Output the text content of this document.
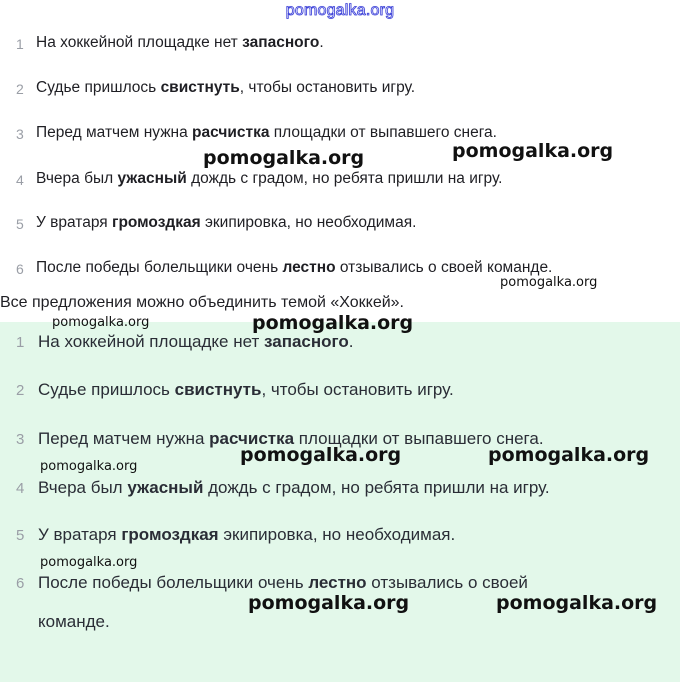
pomogalka.org
1 На хоккейной площадке нет запасного.
2 Судье пришлось свистнуть, чтобы остановить игру.
3 Перед матчем нужна расчистка площадки от выпавшего снега.
4 Вчера был ужасный дождь с градом, но ребята пришли на игру.
5 У вратаря громоздкая экипировка, но необходимая.
6 После победы болельщики очень лестно отзывались о своей команде.
Все предложения можно объединить темой «Хоккей».
1 На хоккейной площадке нет запасного.
2 Судье пришлось свистнуть, чтобы остановить игру.
3 Перед матчем нужна расчистка площадки от выпавшего снега.
4 Вчера был ужасный дождь с градом, но ребята пришли на игру.
5 У вратаря громоздкая экипировка, но необходимая.
6 После победы болельщики очень лестно отзывались о своей
команде.
pomogalka.org	pomogalka.org
pomogalka.org
pomogalka.org	pomogalka.org
pomogalka.org	pomogalka.org
pomogalka.org
pomogalka.org
pomogalka.org	pomogalka.org
